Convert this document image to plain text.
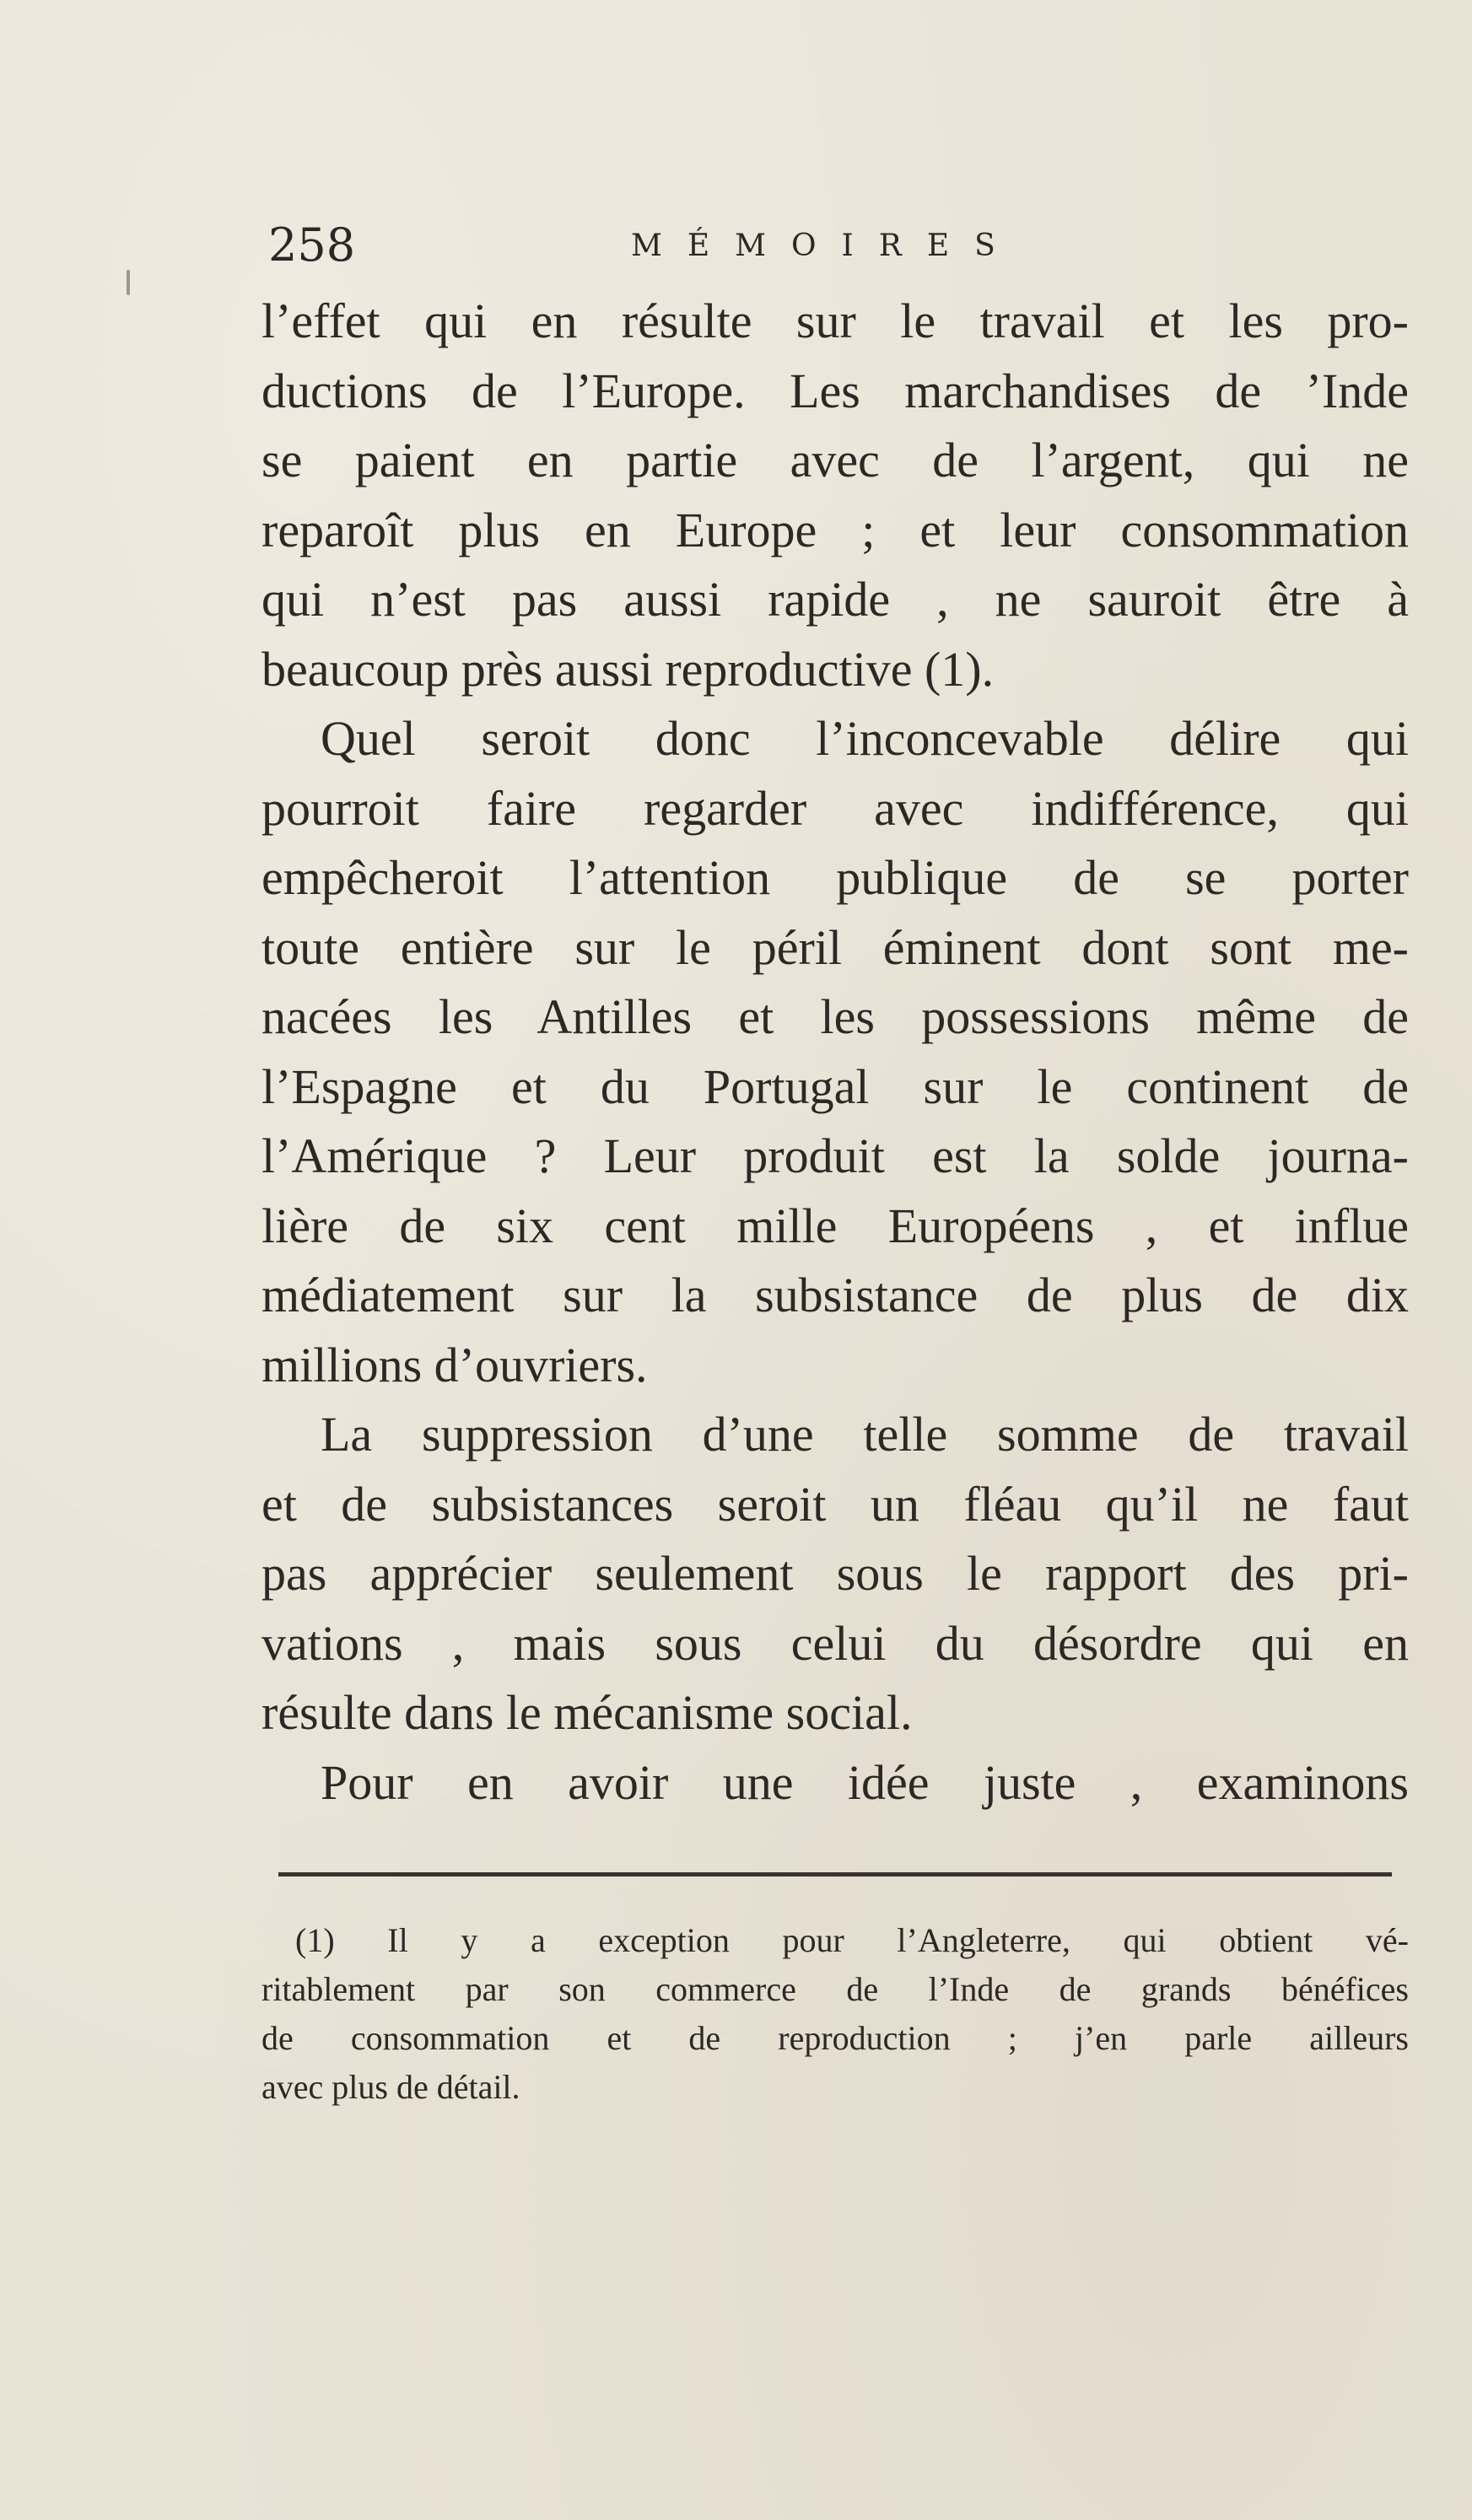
258	MÉMOIRES
l’effet qui en résulte sur le travail et les pro-
ductions de l’Europe. Les marchandises de ’Inde
se paient en partie avec de l’argent, qui ne
reparoît plus en Europe ; et leur consommation
qui n’est pas aussi rapide , ne sauroit être à
beaucoup près aussi reproductive (1).
Quel seroit donc l’inconcevable délire qui
pourroit faire regarder avec indifférence, qui
empêcheroit l’attention publique de se porter
toute entière sur le péril éminent dont sont me-
nacées les Antilles et les possessions même de
l’Espagne et du Portugal sur le continent de
l’Amérique ? Leur produit est la solde journa-
lière de six cent mille Européens , et influe
médiatement sur la subsistance de plus de dix
millions d’ouvriers.
La suppression d’une telle somme de travail
et de subsistances seroit un fléau qu’il ne faut
pas apprécier seulement sous le rapport des pri-
vations , mais sous celui du désordre qui en
résulte dans le mécanisme social.
Pour en avoir une idée juste , examinons
(1) Il y a exception pour l’Angleterre, qui obtient vé-
ritablement par son commerce de l’Inde de grands bénéfices
de consommation et de reproduction ; j’en parle ailleurs
avec plus de détail.
